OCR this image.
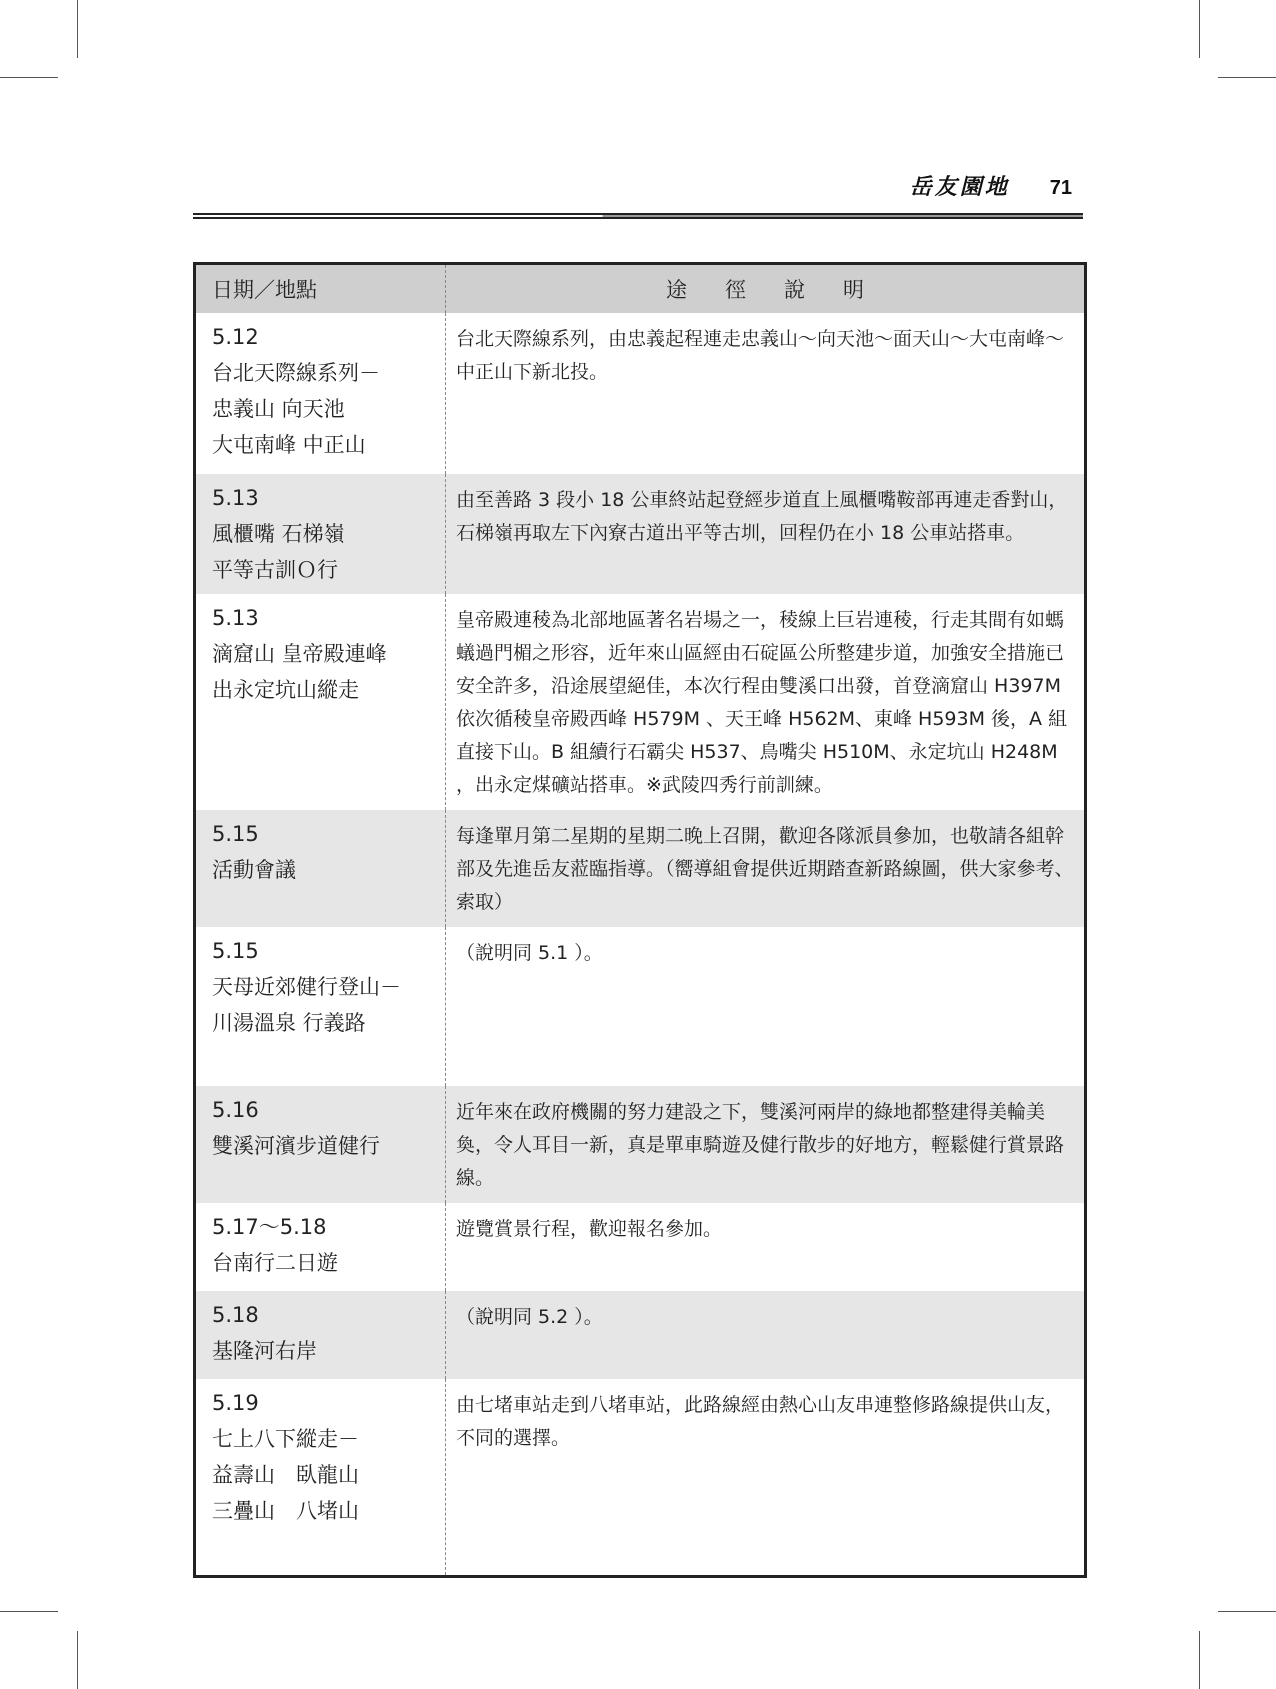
岳友園地 71
日期／地點	途徑說明

5.12
台北天際線系列－
忠義山 向天池
大屯南峰 中正山	台北天際線系列，由忠義起程連走忠義山～向天池～面天山～大屯南峰～中正山下新北投。

5.13
風櫃嘴 石梯嶺
平等古訓Ｏ行	由至善路 3 段小 18 公車終站起登經步道直上風櫃嘴鞍部再連走香對山，石梯嶺再取左下內寮古道出平等古圳，回程仍在小 18 公車站搭車。

5.13
滴窟山 皇帝殿連峰
出永定坑山縱走	皇帝殿連稜為北部地區著名岩場之一，稜線上巨岩連稜，行走其間有如螞蟻過門楣之形容，近年來山區經由石碇區公所整建步道，加強安全措施已安全許多，沿途展望絕佳，本次行程由雙溪口出發，首登滴窟山 H397M 依次循稜皇帝殿西峰 H579M 、天王峰 H562M、東峰 H593M 後，A 組直接下山。B 組續行石霸尖 H537、鳥嘴尖 H510M、永定坑山 H248M ，出永定煤礦站搭車。※武陵四秀行前訓練。

5.15
活動會議	每逢單月第二星期的星期二晚上召開，歡迎各隊派員參加，也敬請各組幹部及先進岳友蒞臨指導。（嚮導組會提供近期踏查新路線圖，供大家參考、索取）

5.15
天母近郊健行登山－
川湯溫泉 行義路	（說明同 5.1 ）。

5.16
雙溪河濱步道健行	近年來在政府機關的努力建設之下，雙溪河兩岸的綠地都整建得美輪美奐，令人耳目一新，真是單車騎遊及健行散步的好地方，輕鬆健行賞景路線。

5.17～5.18
台南行二日遊	遊覽賞景行程，歡迎報名參加。

5.18
基隆河右岸	（說明同 5.2 ）。

5.19
七上八下縱走－
益壽山　臥龍山
三疊山　八堵山	由七堵車站走到八堵車站，此路線經由熱心山友串連整修路線提供山友，不同的選擇。
